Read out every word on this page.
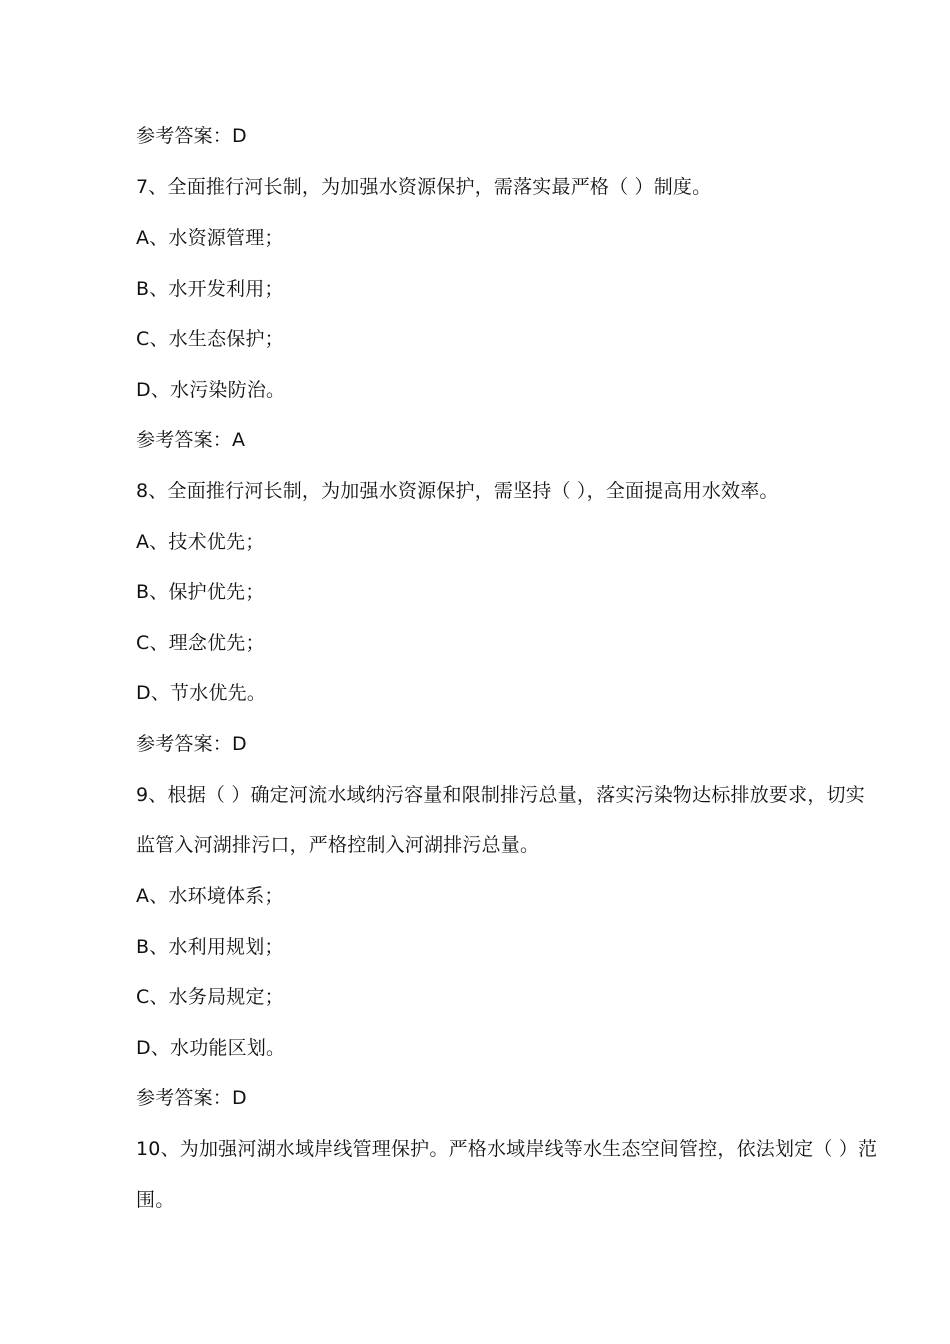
参考答案：D
7、全面推行河长制，为加强水资源保护，需落实最严格（ ）制度。
A、水资源管理；
B、水开发利用；
C、水生态保护；
D、水污染防治。
参考答案：A
8、全面推行河长制，为加强水资源保护，需坚持（ ），全面提高用水效率。
A、技术优先；
B、保护优先；
C、理念优先；
D、节水优先。
参考答案：D
9、根据（ ）确定河流水域纳污容量和限制排污总量，落实污染物达标排放要求，切实
监管入河湖排污口，严格控制入河湖排污总量。
A、水环境体系；
B、水利用规划；
C、水务局规定；
D、水功能区划。
参考答案：D
10、为加强河湖水域岸线管理保护。严格水域岸线等水生态空间管控，依法划定（ ）范
围。
